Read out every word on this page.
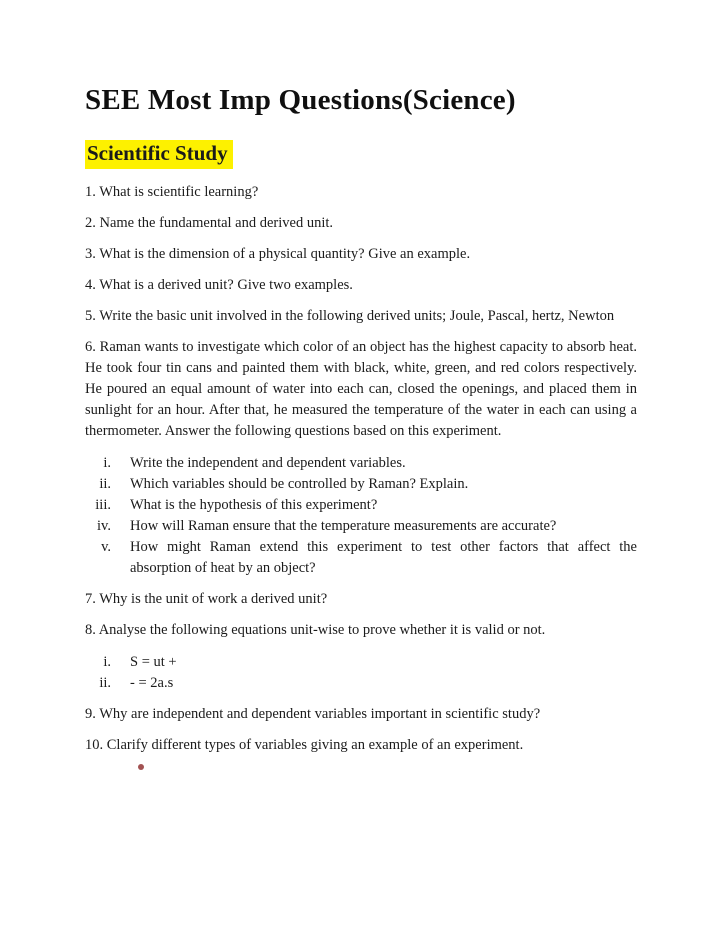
SEE Most Imp Questions(Science)
Scientific Study

1. What is scientific learning?

2. Name the fundamental and derived unit.

3. What is the dimension of a physical quantity? Give an example.

4. What is a derived unit? Give two examples.

5. Write the basic unit involved in the following derived units; Joule, Pascal, hertz, Newton

6. Raman wants to investigate which color of an object has the highest capacity to absorb heat. He took four tin cans and painted them with black, white, green, and red colors respectively. He poured an equal amount of water into each can, closed the openings, and placed them in sunlight for an hour. After that, he measured the temperature of the water in each can using a thermometer. Answer the following questions based on this experiment.

i. Write the independent and dependent variables.
ii. Which variables should be controlled by Raman? Explain.
iii. What is the hypothesis of this experiment?
iv. How will Raman ensure that the temperature measurements are accurate?
v. How might Raman extend this experiment to test other factors that affect the absorption of heat by an object?

7. Why is the unit of work a derived unit?

8. Analyse the following equations unit-wise to prove whether it is valid or not.

i. S = ut +
ii. - = 2a.s

9. Why are independent and dependent variables important in scientific study?

10. Clarify different types of variables giving an example of an experiment.
